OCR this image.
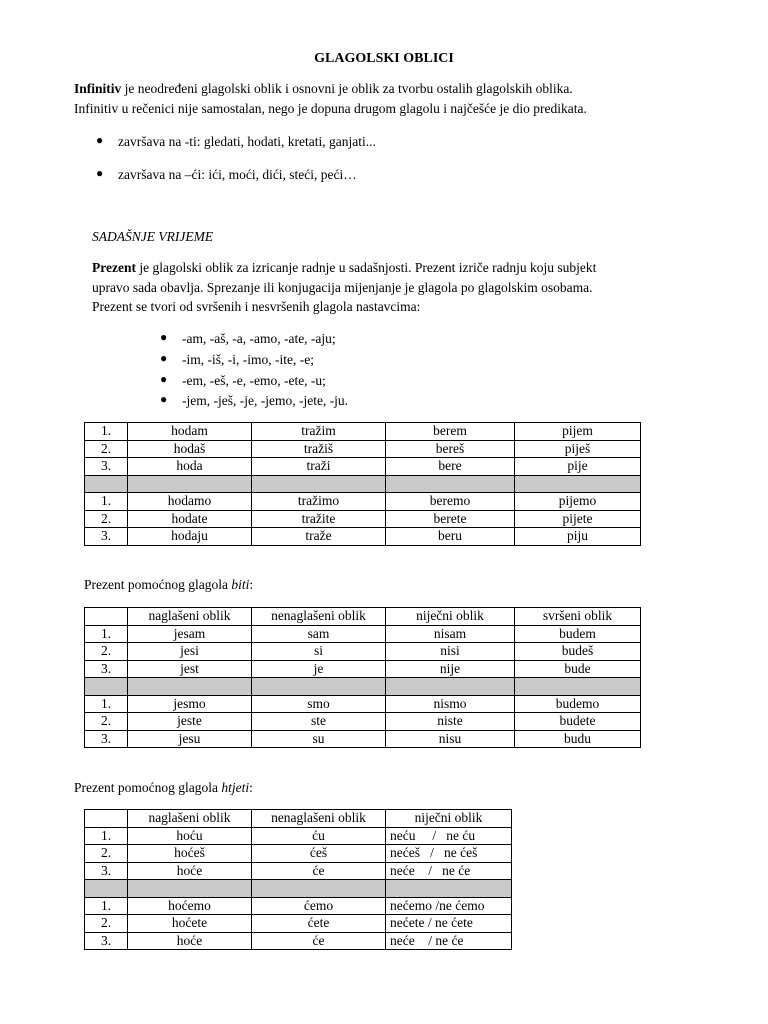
GLAGOLSKI OBLICI
Infinitiv je neodređeni glagolski oblik i osnovni je oblik za tvorbu ostalih glagolskih oblika.
Infinitiv u rečenici nije samostalan, nego je dopuna drugom glagolu i najčešće je dio predikata.
●	završava na -ti: gledati, hodati, kretati, ganjati...
●	završava na –ći: ići, moći, dići, steći, peći…
SADAŠNJE VRIJEME
Prezent je glagolski oblik za izricanje radnje u sadašnjosti. Prezent izriče radnju koju subjekt
upravo sada obavlja. Sprezanje ili konjugacija mijenjanje je glagola po glagolskim osobama.
Prezent se tvori od svršenih i nesvršenih glagola nastavcima:
●	-am, -aš, -a, -amo, -ate, -aju;
●	-im, -iš, -i, -imo, -ite, -e;
●	-em, -eš, -e, -emo, -ete, -u;
●	-jem, -ješ, -je, -jemo, -jete, -ju.
1.	hodam	tražim	berem	pijem
2.	hodaš	tražiš	bereš	piješ
3.	hoda	traži	bere	pije

1.	hodamo	tražimo	beremo	pijemo
2.	hodate	tražite	berete	pijete
3.	hodaju	traže	beru	piju
Prezent pomoćnog glagola biti:
	naglašeni oblik	nenaglašeni oblik	niječni oblik	svršeni oblik
1.	jesam	sam	nisam	budem
2.	jesi	si	nisi	budeš
3.	jest	je	nije	bude

1.	jesmo	smo	nismo	budemo
2.	jeste	ste	niste	budete
3.	jesu	su	nisu	budu
Prezent pomoćnog glagola htjeti:
	naglašeni oblik	nenaglašeni oblik	niječni oblik
1.	hoću	ću	neću     /   ne ću
2.	hoćeš	ćeš	nećeš   /   ne ćeš
3.	hoće	će	neće    /   ne će

1.	hoćemo	ćemo	nećemo /ne ćemo
2.	hoćete	ćete	nećete / ne ćete
3.	hoće	će	neće    / ne će
